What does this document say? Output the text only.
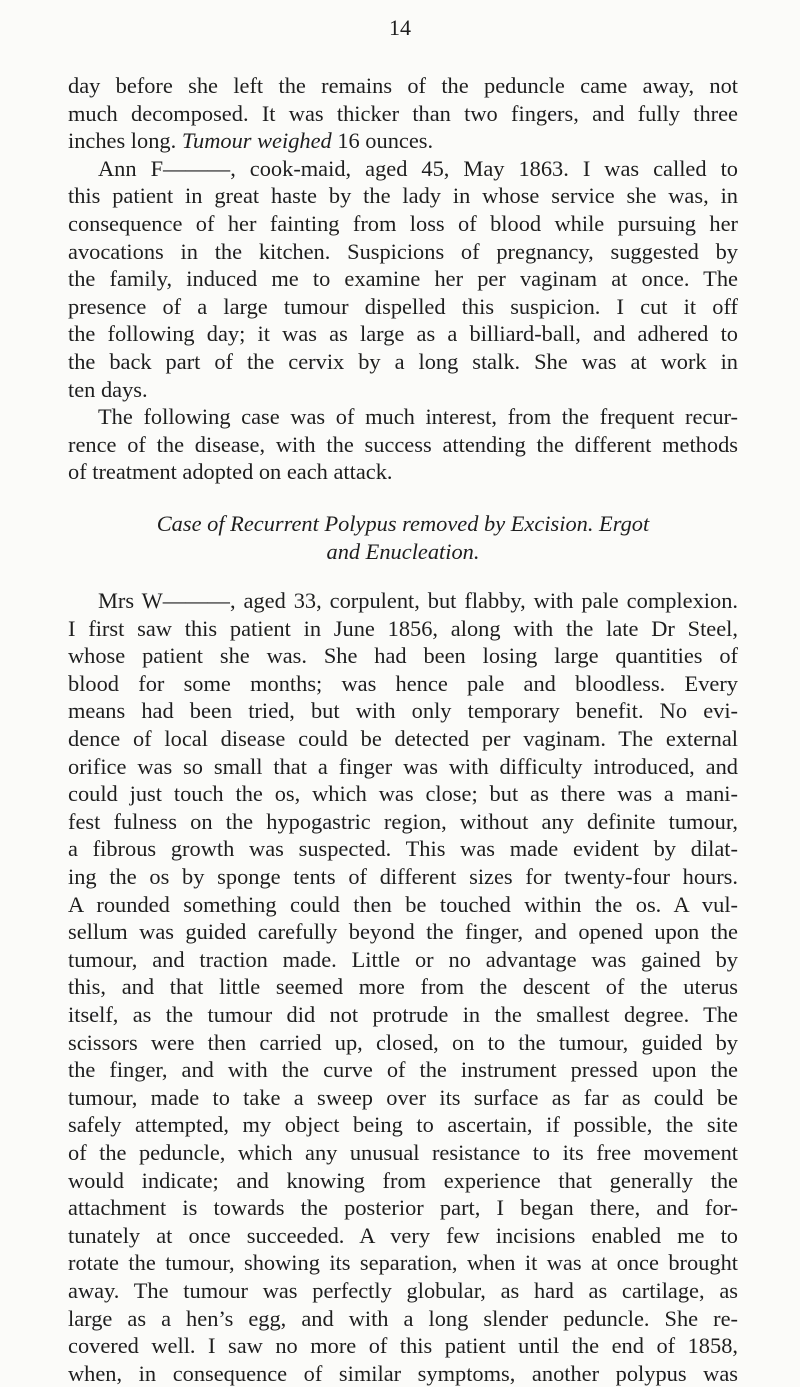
14
day before she left the remains of the peduncle came away, not
much decomposed. It was thicker than two fingers, and fully three
inches long. Tumour weighed 16 ounces.
Ann F———, cook-maid, aged 45, May 1863. I was called to
this patient in great haste by the lady in whose service she was, in
consequence of her fainting from loss of blood while pursuing her
avocations in the kitchen. Suspicions of pregnancy, suggested by
the family, induced me to examine her per vaginam at once. The
presence of a large tumour dispelled this suspicion. I cut it off
the following day; it was as large as a billiard-ball, and adhered to
the back part of the cervix by a long stalk. She was at work in
ten days.
The following case was of much interest, from the frequent recur-
rence of the disease, with the success attending the different methods
of treatment adopted on each attack.
Case of Recurrent Polypus removed by Excision. Ergot
and Enucleation.
Mrs W———, aged 33, corpulent, but flabby, with pale complexion.
I first saw this patient in June 1856, along with the late Dr Steel,
whose patient she was. She had been losing large quantities of
blood for some months; was hence pale and bloodless. Every
means had been tried, but with only temporary benefit. No evi-
dence of local disease could be detected per vaginam. The external
orifice was so small that a finger was with difficulty introduced, and
could just touch the os, which was close; but as there was a mani-
fest fulness on the hypogastric region, without any definite tumour,
a fibrous growth was suspected. This was made evident by dilat-
ing the os by sponge tents of different sizes for twenty-four hours.
A rounded something could then be touched within the os. A vul-
sellum was guided carefully beyond the finger, and opened upon the
tumour, and traction made. Little or no advantage was gained by
this, and that little seemed more from the descent of the uterus
itself, as the tumour did not protrude in the smallest degree. The
scissors were then carried up, closed, on to the tumour, guided by
the finger, and with the curve of the instrument pressed upon the
tumour, made to take a sweep over its surface as far as could be
safely attempted, my object being to ascertain, if possible, the site
of the peduncle, which any unusual resistance to its free movement
would indicate; and knowing from experience that generally the
attachment is towards the posterior part, I began there, and for-
tunately at once succeeded. A very few incisions enabled me to
rotate the tumour, showing its separation, when it was at once brought
away. The tumour was perfectly globular, as hard as cartilage, as
large as a hen’s egg, and with a long slender peduncle. She re-
covered well. I saw no more of this patient until the end of 1858,
when, in consequence of similar symptoms, another polypus was
